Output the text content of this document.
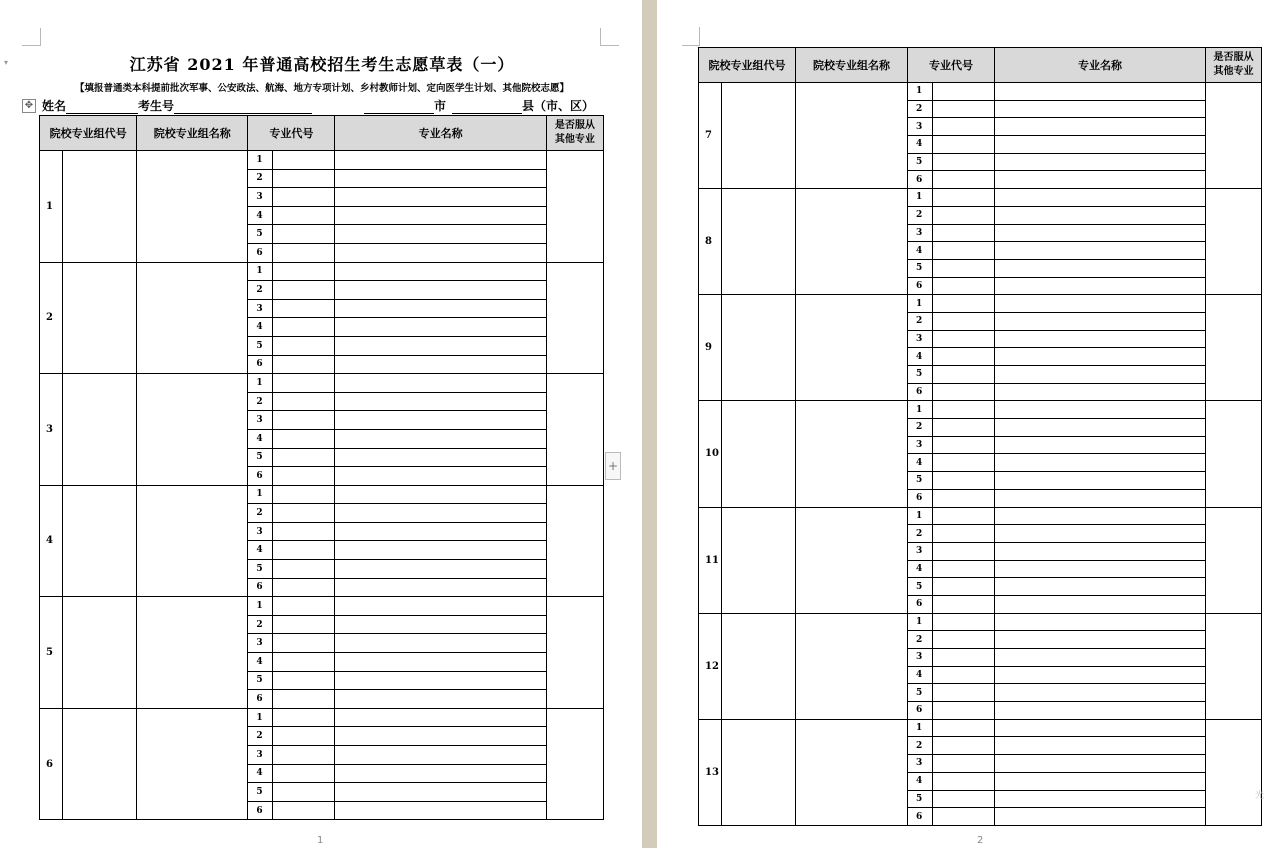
▾	江苏省 2021 年普通高校招生考生志愿草表（一）
【填报普通类本科提前批次军事、公安政法、航海、地方专项计划、乡村教师计划、定向医学生计划、其他院校志愿】
✥ 姓名	考生号	市	县（市、区）
院校专业组代号		院校专业组名称	专业代号		专业名称	是否服从
其他专业
1			1			
			2			
			3			
			4			
			5			
			6			
2			1			
			2			
			3			
			4			
			5			
			6			
3			1			
			2			
			3			
			4			
			5			
			6			
4			1			
			2			
			3			
			4			
			5			
			6			
5			1			
			2			
			3			
			4			
			5			
			6			
6			1			
			2			
			3			
			4			
			5			
			6			
1
+
院校专业组代号		院校专业组名称	专业代号		专业名称	是否服从
其他专业
7			1			
			2			
			3			
			4			
			5			
			6			
8			1			
			2			
			3			
			4			
			5			
			6			
9			1			
			2			
			3			
			4			
			5			
			6			
10			1			
			2			
			3			
			4			
			5			
			6			
11			1			
			2			
			3			
			4			
			5			
			6			
12			1			
			2			
			3			
			4			
			5			
			6			
13			1			
			2			
			3			
			4			
			5			
			6			
2
光
